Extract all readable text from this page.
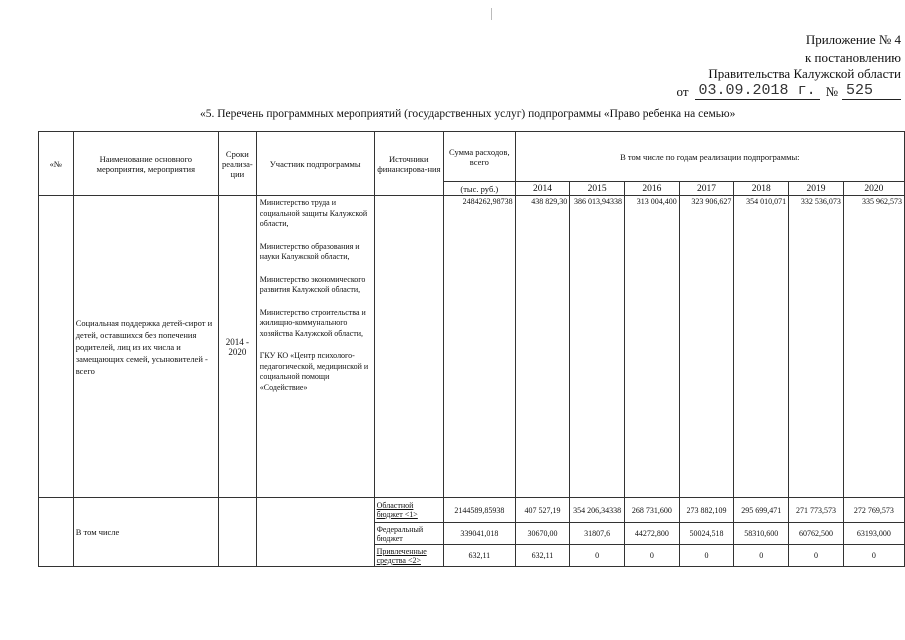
Приложение № 4
к постановлению
Правительства Калужской области
от 03.09.2018 г. № 525
«5. Перечень программных мероприятий (государственных услуг) подпрограммы «Право ребенка на семью»
«№	Наименование основного мероприятия, мероприятия	Сроки реализа-ции	Участник подпрограммы	Источники финансирова-ния	Сумма расходов, всего	В том числе по годам реализации подпрограммы:						
					(тыс. руб.)	2014	2015	2016	2017	2018	2019	2020
	Социальная поддержка детей-сирот и детей, оставшихся без попечения родителей, лиц из их числа и замещающих семей, усыновителей - всего	2014 - 2020	Министерство труда и социальной защиты Калужской области,
Министерство образования и науки Калужской области,
Министерство экономического развития Калужской области,
Министерство строительства и жилищно-коммунального хозяйства Калужской области,
ГКУ КО «Центр психолого-педагогической, медицинской и социальной помощи «Содействие»		2484262,98738	438 829,30	386 013,94338	313 004,400	323 906,627	354 010,071	332 536,073	335 962,573
	В том числе			Областной бюджет <1>	2144589,85938	407 527,19	354 206,34338	268 731,600	273 882,109	295 699,471	271 773,573	272 769,573
				Федеральный бюджет	339041,018	30670,00	31807,6	44272,800	50024,518	58310,600	60762,500	63193,000
				Привлеченные средства <2>	632,11	632,11	0	0	0	0	0	0
